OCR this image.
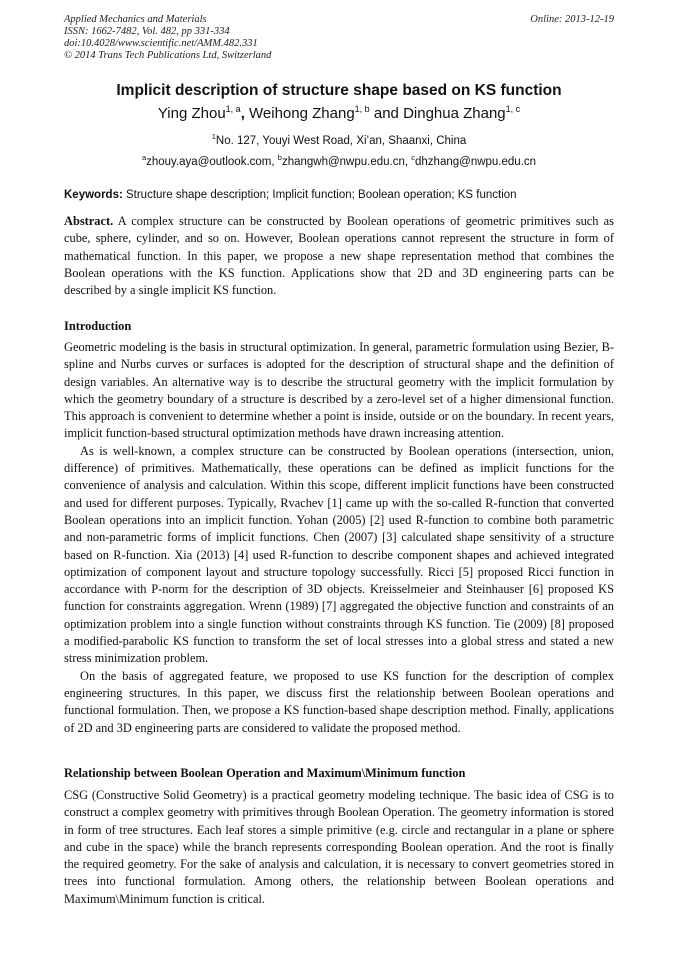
Applied Mechanics and Materials
ISSN: 1662-7482, Vol. 482, pp 331-334
doi:10.4028/www.scientific.net/AMM.482.331
© 2014 Trans Tech Publications Ltd, Switzerland
Online: 2013-12-19
Implicit description of structure shape based on KS function
Ying Zhou$^{1, a}$, Weihong Zhang$^{1, b}$ and Dinghua Zhang$^{1, c}$
$^1$No. 127, Youyi West Road, Xi’an, Shaanxi, China
$^a$zhouy.aya@outlook.com, $^b$zhangwh@nwpu.edu.cn, $^c$dhzhang@nwpu.edu.cn
Keywords: Structure shape description; Implicit function; Boolean operation; KS function

Abstract. A complex structure can be constructed by Boolean operations of geometric primitives such as cube, sphere, cylinder, and so on. However, Boolean operations cannot represent the structure in form of mathematical function. In this paper, we propose a new shape representation method that combines the Boolean operations with the KS function. Applications show that 2D and 3D engineering parts can be described by a single implicit KS function.

Introduction

Geometric modeling is the basis in structural optimization. In general, parametric formulation using Bezier, B-spline and Nurbs curves or surfaces is adopted for the description of structural shape and the definition of design variables. An alternative way is to describe the structural geometry with the implicit formulation by which the geometry boundary of a structure is described by a zero-level set of a higher dimensional function. This approach is convenient to determine whether a point is inside, outside or on the boundary. In recent years, implicit function-based structural optimization methods have drawn increasing attention.

As is well-known, a complex structure can be constructed by Boolean operations (intersection, union, difference) of primitives. Mathematically, these operations can be defined as implicit functions for the convenience of analysis and calculation. Within this scope, different implicit functions have been constructed and used for different purposes. Typically, Rvachev [1] came up with the so-called R-function that converted Boolean operations into an implicit function. Yohan (2005) [2] used R-function to combine both parametric and non-parametric forms of implicit functions. Chen (2007) [3] calculated shape sensitivity of a structure based on R-function. Xia (2013) [4] used R-function to describe component shapes and achieved integrated optimization of component layout and structure topology successfully. Ricci [5] proposed Ricci function in accordance with P-norm for the description of 3D objects. Kreisselmeier and Steinhauser [6] proposed KS function for constraints aggregation. Wrenn (1989) [7] aggregated the objective function and constraints of an optimization problem into a single function without constraints through KS function. Tie (2009) [8] proposed a modified-parabolic KS function to transform the set of local stresses into a global stress and stated a new stress minimization problem.

On the basis of aggregated feature, we proposed to use KS function for the description of complex engineering structures. In this paper, we discuss first the relationship between Boolean operations and functional formulation. Then, we propose a KS function-based shape description method. Finally, applications of 2D and 3D engineering parts are considered to validate the proposed method.

Relationship between Boolean Operation and Maximum\Minimum function

CSG (Constructive Solid Geometry) is a practical geometry modeling technique. The basic idea of CSG is to construct a complex geometry with primitives through Boolean Operation. The geometry information is stored in form of tree structures. Each leaf stores a simple primitive (e.g. circle and rectangular in a plane or sphere and cube in the space) while the branch represents corresponding Boolean operation. And the root is finally the required geometry. For the sake of analysis and calculation, it is necessary to convert geometries stored in trees into functional formulation. Among others, the relationship between Boolean operations and Maximum\Minimum function is critical.
